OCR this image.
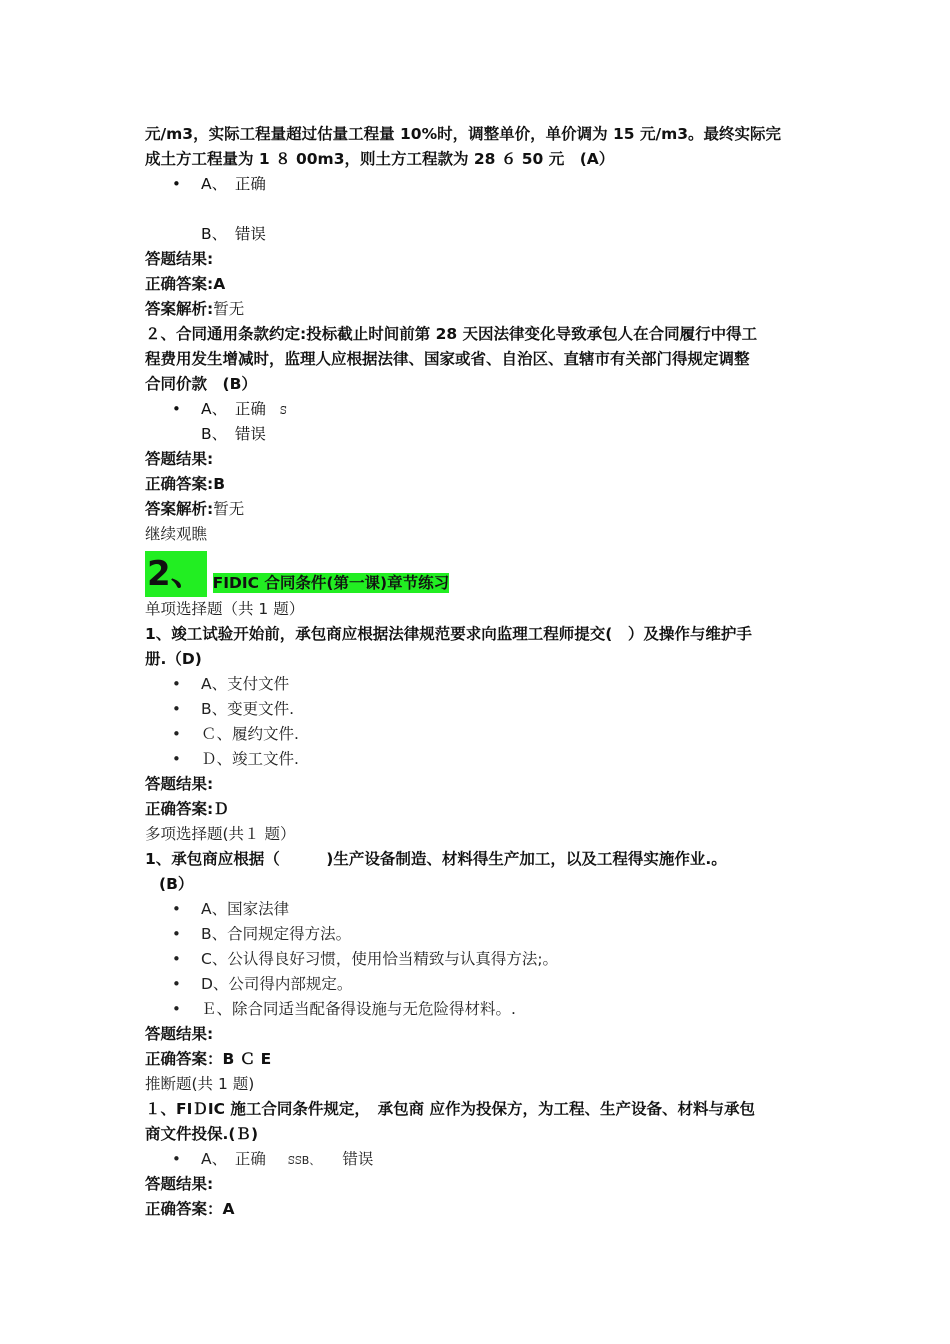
元/m3，实际工程量超过估量工程量 10%时，调整单价，单价调为 15 元/m3。最终实际完
成土方工程量为 1 ８ 00m3，则土方工程款为 28 ６ 50 元　(A）
• A、　正确
B、　错误
答题结果:
正确答案:A
答案解析:暂无
２、合同通用条款约定:投标截止时间前第 28 天因法律变化导致承包人在合同履行中得工
程费用发生增减时，监理人应根据法律、国家或省、自治区、直辖市有关部门得规定调整
合同价款　(B）
• A、　正确 ꕶ
B、　错误
答题结果:
正确答案:B
答案解析:暂无
继续观瞧
2、 FIDIC 合同条件(第一课)章节练习
单项选择题（共 1 题）
1、竣工试验开始前，承包商应根据法律规范要求向监理工程师提交(　）及操作与维护手
册.（D)
• A、支付文件
• B、变更文件.
• Ｃ、履约文件.
• Ｄ、竣工文件.
答题结果:
正确答案:Ｄ
多项选择题(共１ 题）
1、承包商应根据（　　　)生产设备制造、材料得生产加工，以及工程得实施作业.。
(B）
• A、国家法律
• B、合同规定得方法。
• C、公认得良好习惯，使用恰当精致与认真得方法;。
• D、公司得内部规定。
• Ｅ、除合同适当配备得设施与无危险得材料。.
答题结果:
正确答案：B Ｃ E
推断题(共 1 题)
１、FIＤIC 施工合同条件规定，　承包商 应作为投保方，为工程、生产设备、材料与承包
商文件投保.(Ｂ)
• A、　正确 ꕶꕶB、 错误
答题结果:
正确答案：A
